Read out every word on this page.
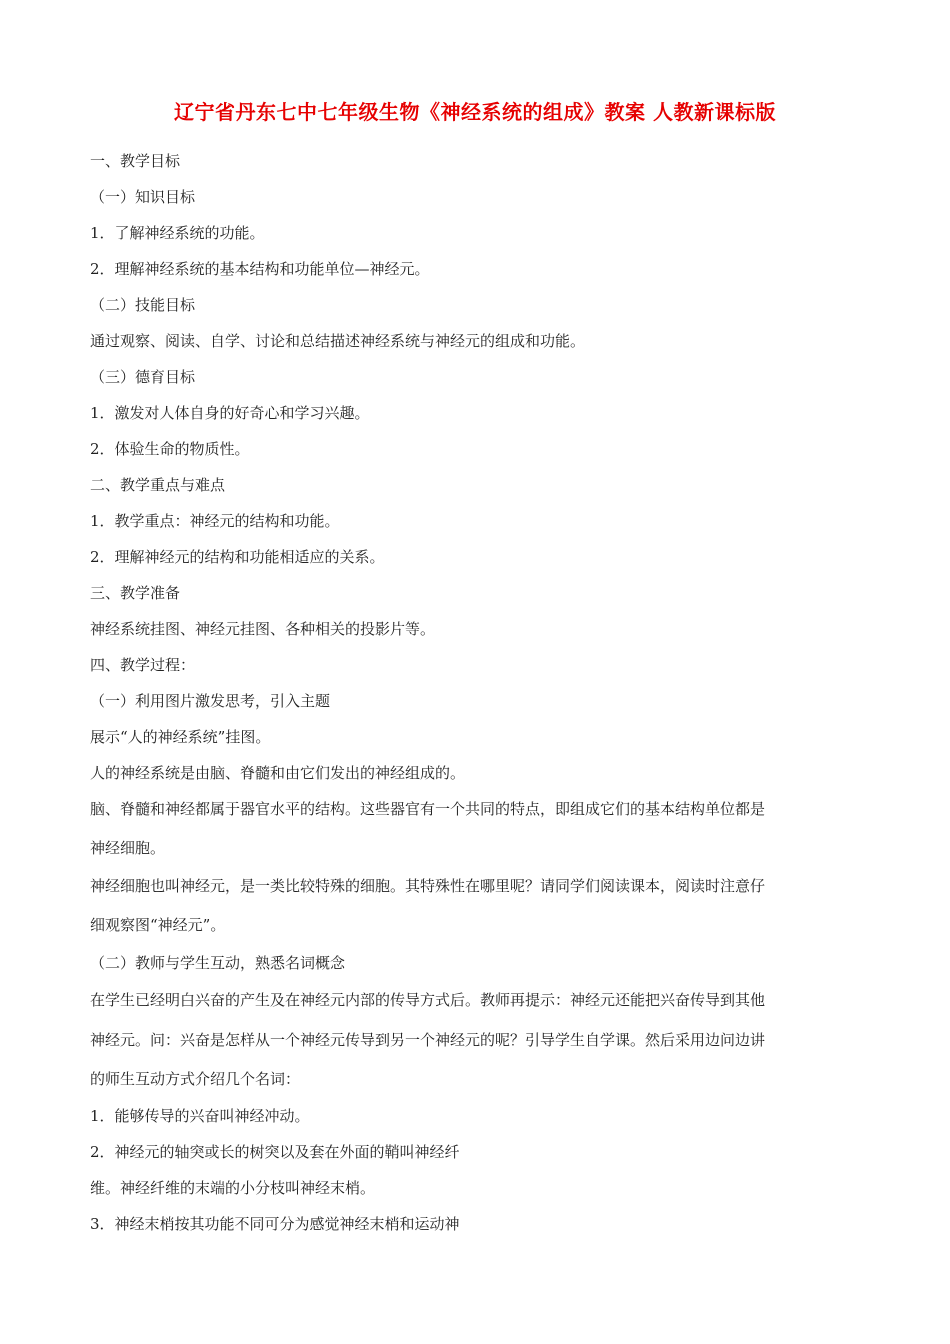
辽宁省丹东七中七年级生物《神经系统的组成》教案 人教新课标版
一、教学目标
（一）知识目标
1．了解神经系统的功能。
2．理解神经系统的基本结构和功能单位—神经元。
（二）技能目标
通过观察、阅读、自学、讨论和总结描述神经系统与神经元的组成和功能。
（三）德育目标
1．激发对人体自身的好奇心和学习兴趣。
2．体验生命的物质性。
二、教学重点与难点
1．教学重点：神经元的结构和功能。
2．理解神经元的结构和功能相适应的关系。
三、教学准备
神经系统挂图、神经元挂图、各种相关的投影片等。
四、教学过程：
（一）利用图片激发思考，引入主题
展示“人的神经系统”挂图。
人的神经系统是由脑、脊髓和由它们发出的神经组成的。
脑、脊髓和神经都属于器官水平的结构。这些器官有一个共同的特点，即组成它们的基本结构单位都是
神经细胞。
神经细胞也叫神经元，是一类比较特殊的细胞。其特殊性在哪里呢？请同学们阅读课本，阅读时注意仔
细观察图“神经元”。
（二）教师与学生互动，熟悉名词概念
在学生已经明白兴奋的产生及在神经元内部的传导方式后。教师再提示：神经元还能把兴奋传导到其他
神经元。问：兴奋是怎样从一个神经元传导到另一个神经元的呢？引导学生自学课。然后采用边问边讲
的师生互动方式介绍几个名词：
1．能够传导的兴奋叫神经冲动。
2．神经元的轴突或长的树突以及套在外面的鞘叫神经纤
维。神经纤维的末端的小分枝叫神经末梢。
3．神经末梢按其功能不同可分为感觉神经末梢和运动神
